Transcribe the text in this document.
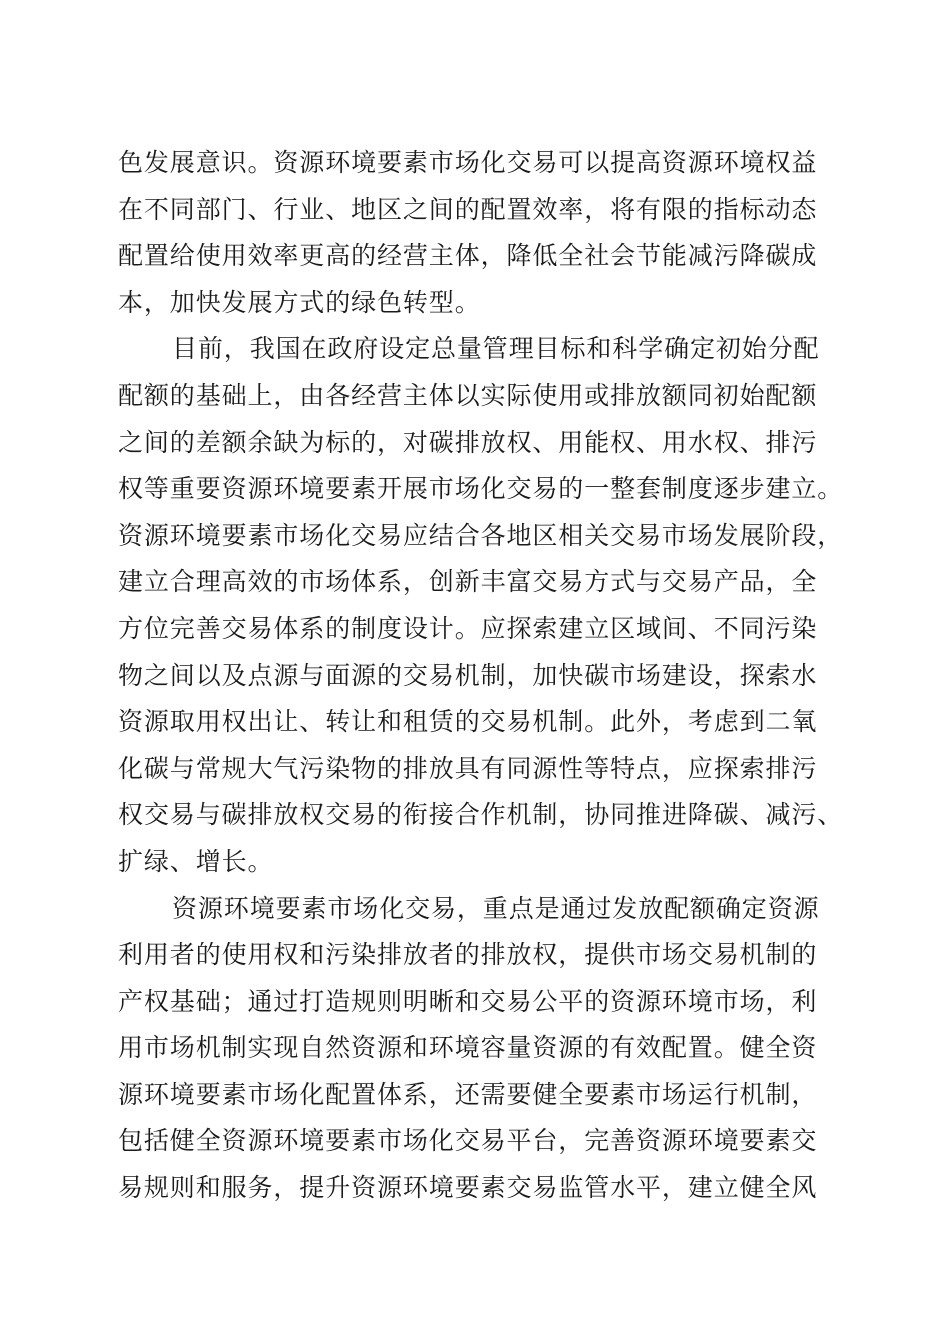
色发展意识。资源环境要素市场化交易可以提高资源环境权益
在不同部门、行业、地区之间的配置效率，将有限的指标动态
配置给使用效率更高的经营主体，降低全社会节能减污降碳成
本，加快发展方式的绿色转型。
目前，我国在政府设定总量管理目标和科学确定初始分配
配额的基础上，由各经营主体以实际使用或排放额同初始配额
之间的差额余缺为标的，对碳排放权、用能权、用水权、排污
权等重要资源环境要素开展市场化交易的一整套制度逐步建立。
资源环境要素市场化交易应结合各地区相关交易市场发展阶段，
建立合理高效的市场体系，创新丰富交易方式与交易产品，全
方位完善交易体系的制度设计。应探索建立区域间、不同污染
物之间以及点源与面源的交易机制，加快碳市场建设，探索水
资源取用权出让、转让和租赁的交易机制。此外，考虑到二氧
化碳与常规大气污染物的排放具有同源性等特点，应探索排污
权交易与碳排放权交易的衔接合作机制，协同推进降碳、减污、
扩绿、增长。
资源环境要素市场化交易，重点是通过发放配额确定资源
利用者的使用权和污染排放者的排放权，提供市场交易机制的
产权基础；通过打造规则明晰和交易公平的资源环境市场，利
用市场机制实现自然资源和环境容量资源的有效配置。健全资
源环境要素市场化配置体系，还需要健全要素市场运行机制，
包括健全资源环境要素市场化交易平台，完善资源环境要素交
易规则和服务，提升资源环境要素交易监管水平，建立健全风
